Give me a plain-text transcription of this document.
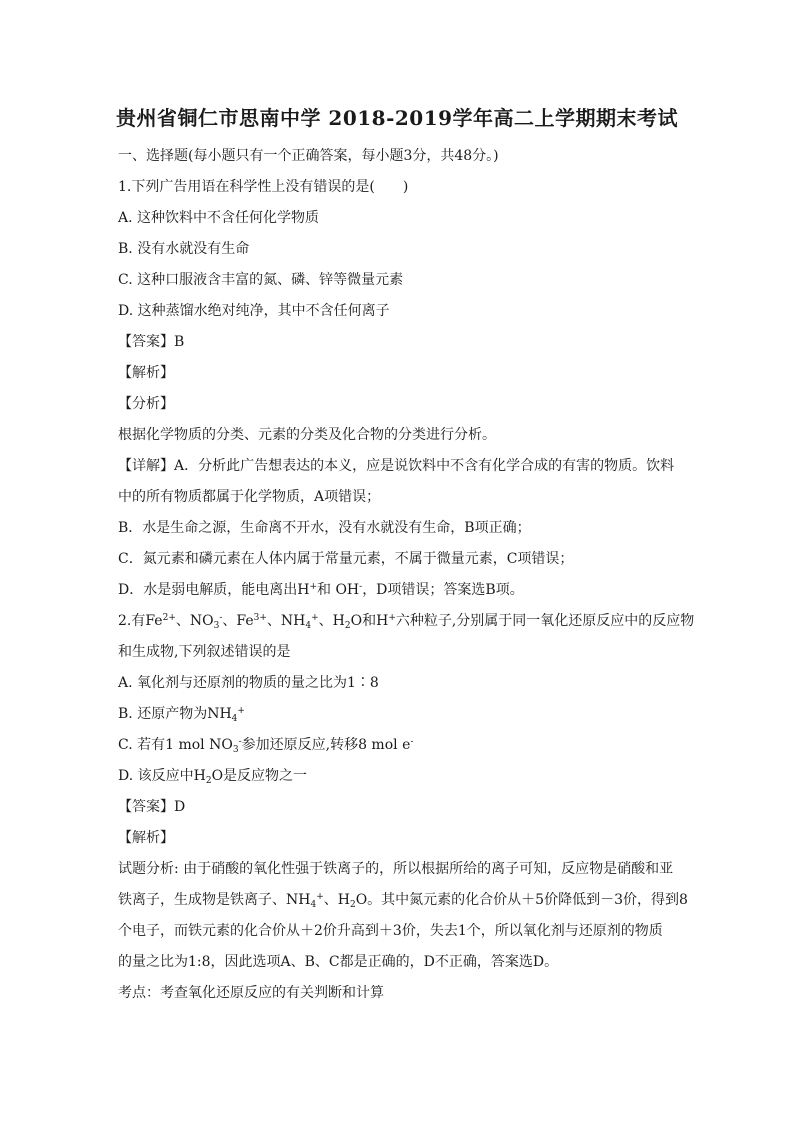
贵州省铜仁市思南中学 2018-2019学年高二上学期期末考试
一、选择题(每小题只有一个正确答案，每小题3分，共48分。)
1.下列广告用语在科学性上没有错误的是(　　)
A. 这种饮料中不含任何化学物质
B. 没有水就没有生命
C. 这种口服液含丰富的氮、磷、锌等微量元素
D. 这种蒸馏水绝对纯净，其中不含任何离子
【答案】B
【解析】
【分析】
根据化学物质的分类、元素的分类及化合物的分类进行分析。
【详解】A．分析此广告想表达的本义，应是说饮料中不含有化学合成的有害的物质。饮料
中的所有物质都属于化学物质，A项错误；
B．水是生命之源，生命离不开水，没有水就没有生命，B项正确；
C．氮元素和磷元素在人体内属于常量元素，不属于微量元素，C项错误；
D．水是弱电解质，能电离出H+和 OH-，D项错误；答案选B项。
2.有$Fe^{2+}$、$NO_3^-$、$Fe^{3+}$、$NH_4^+$、$H_2O$和H+六种粒子,分别属于同一氧化还原反应中的反应物
和生成物,下列叙述错误的是
A. 氧化剂与还原剂的物质的量之比为1∶8
B. 还原产物为$NH_4^+$
C. 若有1 mol $NO_3^-$参加还原反应,转移8 mol e-
D. 该反应中$H_2O$是反应物之一
【答案】D
【解析】
试题分析: 由于硝酸的氧化性强于铁离子的，所以根据所给的离子可知，反应物是硝酸和亚
铁离子，生成物是铁离子、$NH_4^+$、$H_2O$。其中氮元素的化合价从＋5价降低到－3价，得到8
个电子，而铁元素的化合价从＋2价升高到＋3价，失去1个，所以氧化剂与还原剂的物质
的量之比为1:8，因此选项A、B、C都是正确的，D不正确，答案选D。
考点：考查氧化还原反应的有关判断和计算
